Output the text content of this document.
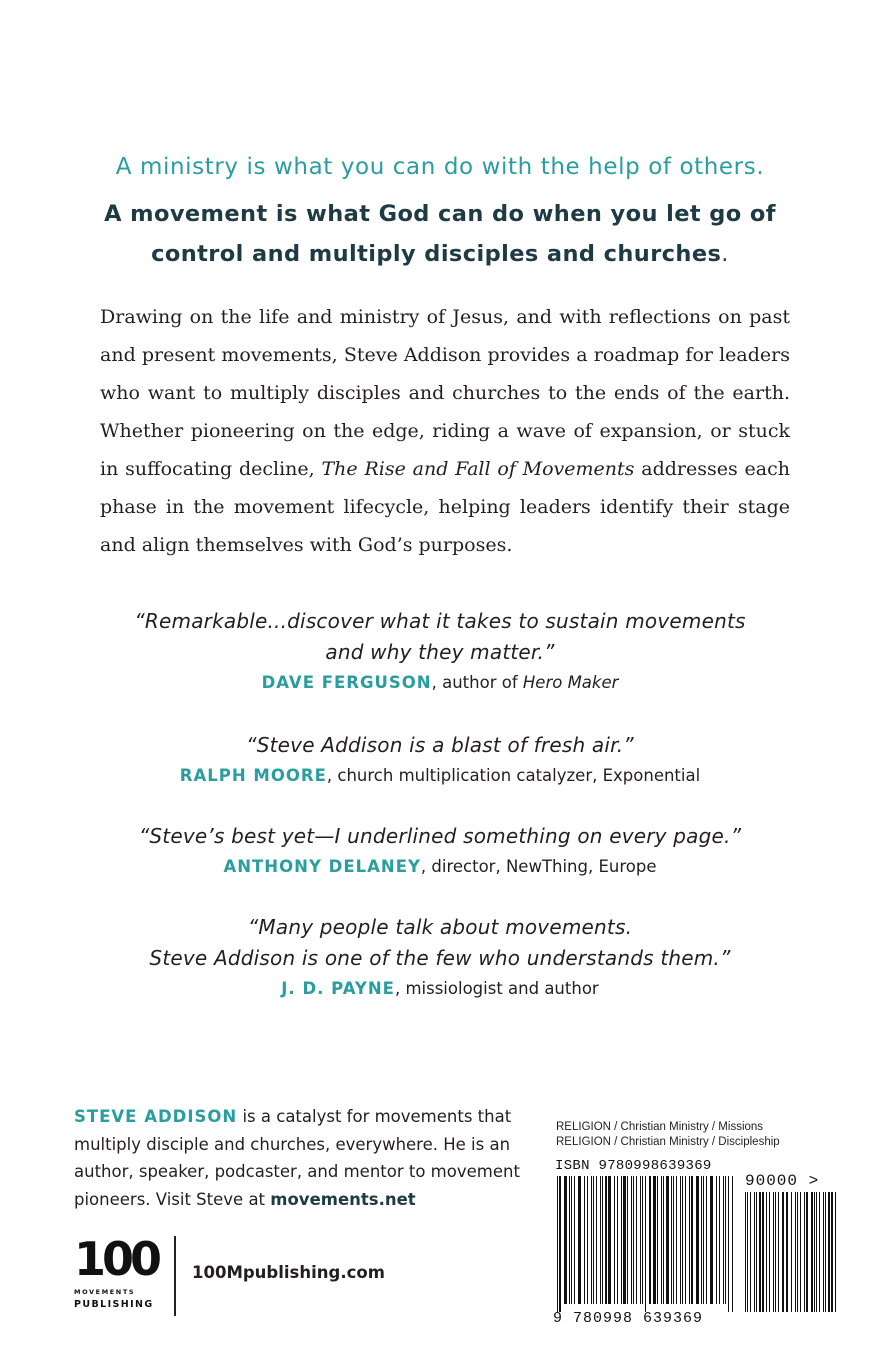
A ministry is what you can do with the help of others.
A movement is what God can do when you let go of control and multiply disciples and churches.

Drawing on the life and ministry of Jesus, and with reflections on past and present movements, Steve Addison provides a roadmap for leaders who want to multiply disciples and churches to the ends of the earth. Whether pioneering on the edge, riding a wave of expansion, or stuck in suffocating decline, The Rise and Fall of Movements addresses each phase in the movement lifecycle, helping leaders identify their stage and align themselves with God’s purposes.

“Remarkable...discover what it takes to sustain movements
and why they matter.”
DAVE FERGUSON, author of Hero Maker
“Steve Addison is a blast of fresh air.”
RALPH MOORE, church multiplication catalyzer, Exponential
“Steve’s best yet—I underlined something on every page.”
ANTHONY DELANEY, director, NewThing, Europe
“Many people talk about movements.
Steve Addison is one of the few who understands them.”
J. D. PAYNE, missiologist and author
STEVE ADDISON is a catalyst for movements that multiply disciple and churches, everywhere. He is an author, speaker, podcaster, and mentor to movement pioneers. Visit Steve at movements.net
100
MOVEMENTS
PUBLISHING
100Mpublishing.com
RELIGION / Christian Ministry / Missions
RELIGION / Christian Ministry / Discipleship
ISBN 9780998639369
90000 >
9 780998 639369
